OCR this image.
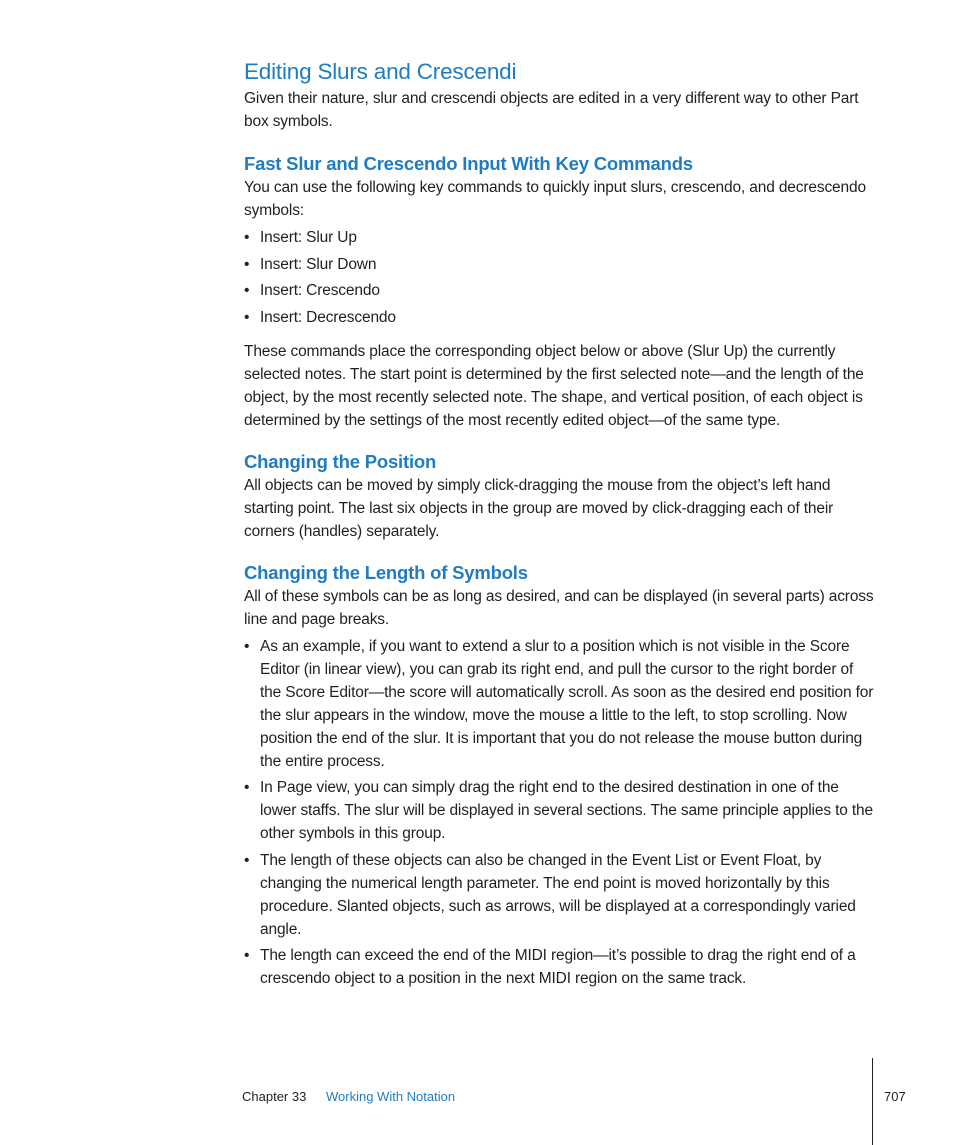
Editing Slurs and Crescendi

Given their nature, slur and crescendi objects are edited in a very different way to other Part box symbols.

Fast Slur and Crescendo Input With Key Commands

You can use the following key commands to quickly input slurs, crescendo, and decrescendo symbols:

• Insert: Slur Up
• Insert: Slur Down
• Insert: Crescendo
• Insert: Decrescendo

These commands place the corresponding object below or above (Slur Up) the currently selected notes. The start point is determined by the first selected note—and the length of the object, by the most recently selected note. The shape, and vertical position, of each object is determined by the settings of the most recently edited object—of the same type.

Changing the Position

All objects can be moved by simply click-dragging the mouse from the object’s left hand starting point. The last six objects in the group are moved by click-dragging each of their corners (handles) separately.

Changing the Length of Symbols

All of these symbols can be as long as desired, and can be displayed (in several parts) across line and page breaks.

• As an example, if you want to extend a slur to a position which is not visible in the Score Editor (in linear view), you can grab its right end, and pull the cursor to the right border of the Score Editor—the score will automatically scroll. As soon as the desired end position for the slur appears in the window, move the mouse a little to the left, to stop scrolling. Now position the end of the slur. It is important that you do not release the mouse button during the entire process.
• In Page view, you can simply drag the right end to the desired destination in one of the lower staffs. The slur will be displayed in several sections. The same principle applies to the other symbols in this group.
• The length of these objects can also be changed in the Event List or Event Float, by changing the numerical length parameter. The end point is moved horizontally by this procedure. Slanted objects, such as arrows, will be displayed at a correspondingly varied angle.
• The length can exceed the end of the MIDI region—it’s possible to drag the right end of a crescendo object to a position in the next MIDI region on the same track.
Chapter 33 Working With Notation	707
